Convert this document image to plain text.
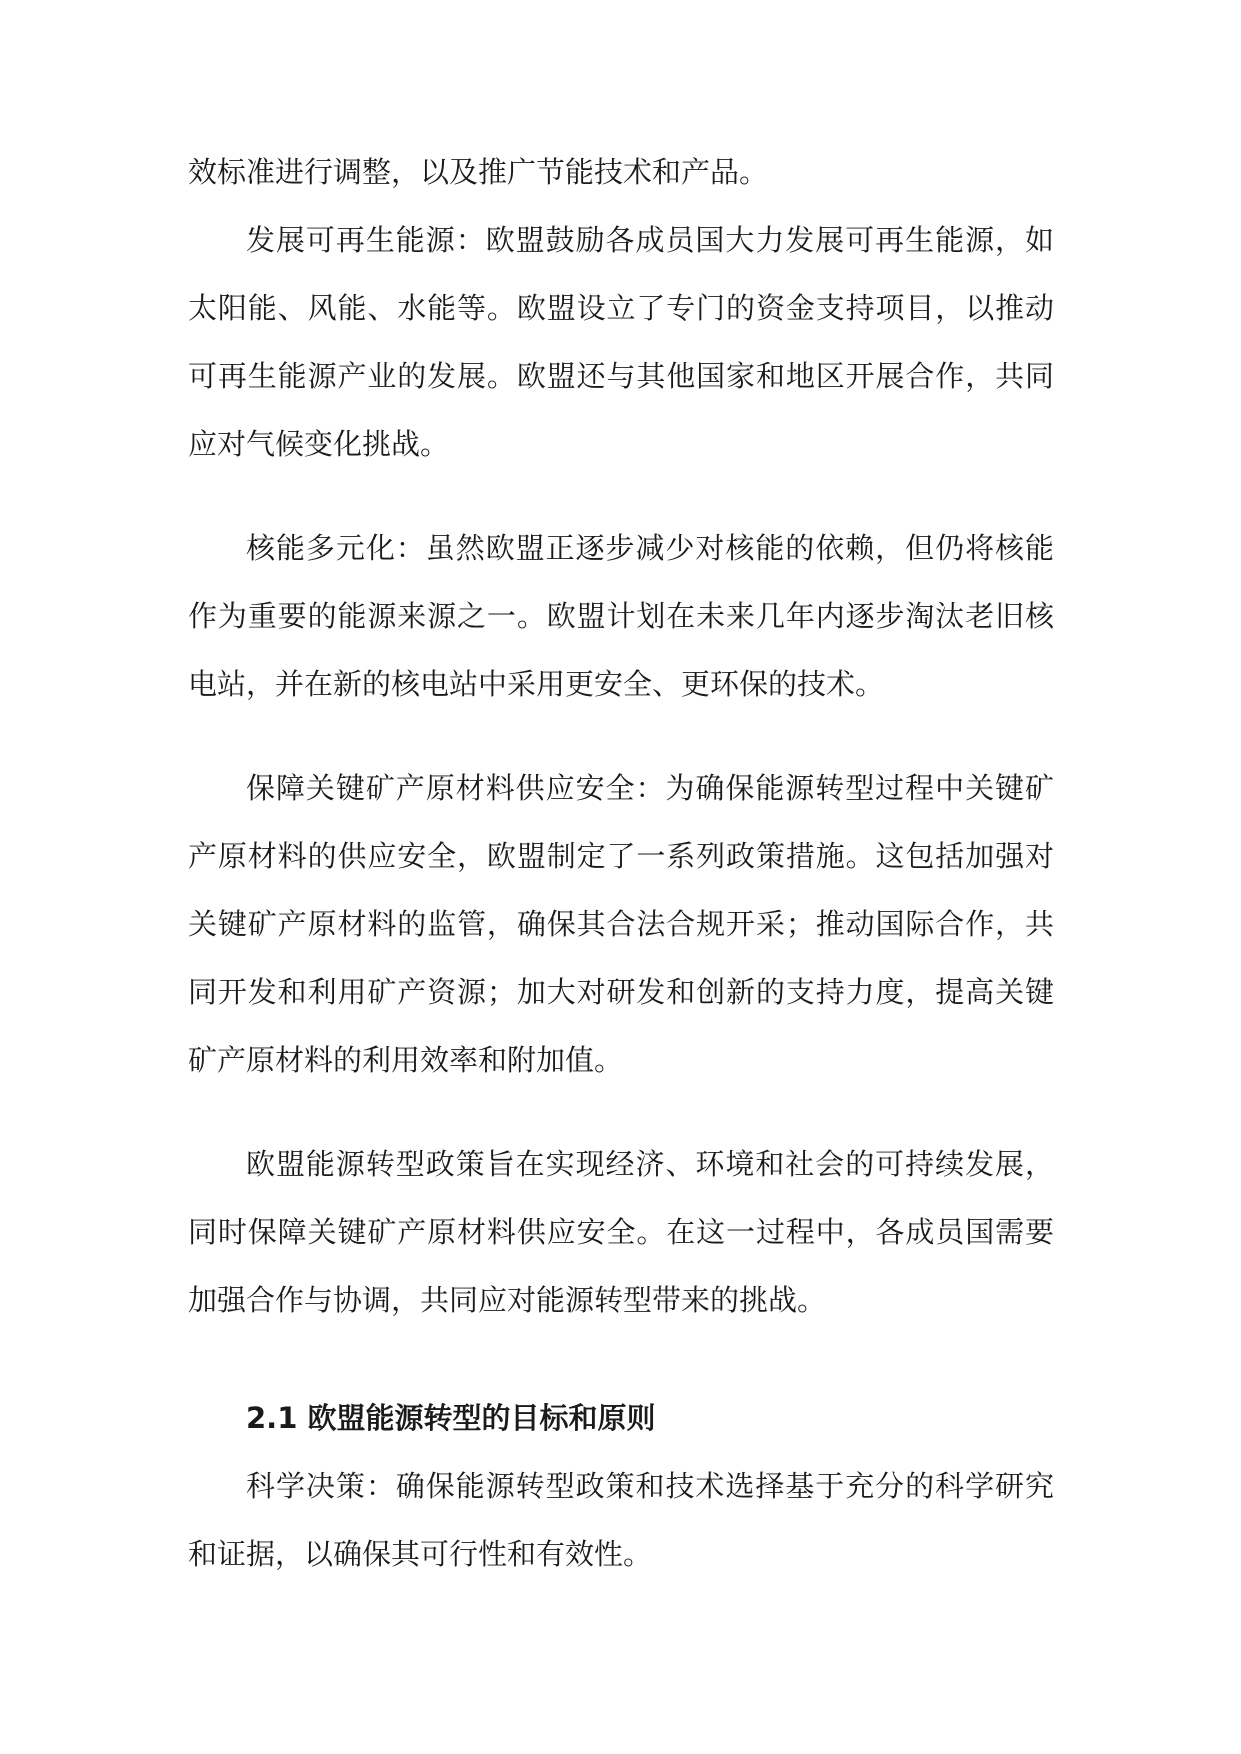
效标准进行调整，以及推广节能技术和产品。

发展可再生能源：欧盟鼓励各成员国大力发展可再生能源，如太阳能、风能、水能等。欧盟设立了专门的资金支持项目，以推动可再生能源产业的发展。欧盟还与其他国家和地区开展合作，共同应对气候变化挑战。

核能多元化：虽然欧盟正逐步减少对核能的依赖，但仍将核能作为重要的能源来源之一。欧盟计划在未来几年内逐步淘汰老旧核电站，并在新的核电站中采用更安全、更环保的技术。

保障关键矿产原材料供应安全：为确保能源转型过程中关键矿产原材料的供应安全，欧盟制定了一系列政策措施。这包括加强对关键矿产原材料的监管，确保其合法合规开采；推动国际合作，共同开发和利用矿产资源；加大对研发和创新的支持力度，提高关键矿产原材料的利用效率和附加值。

欧盟能源转型政策旨在实现经济、环境和社会的可持续发展，同时保障关键矿产原材料供应安全。在这一过程中，各成员国需要加强合作与协调，共同应对能源转型带来的挑战。

2.1 欧盟能源转型的目标和原则

科学决策：确保能源转型政策和技术选择基于充分的科学研究和证据，以确保其可行性和有效性。
